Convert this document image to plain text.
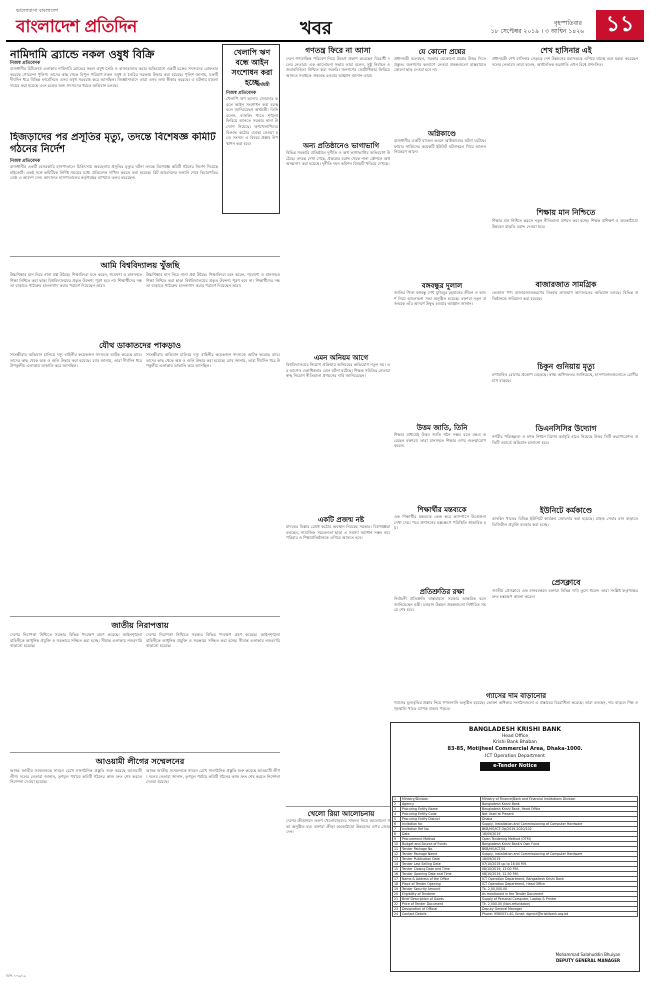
ভালোবাসা বাংলাদেশ
বাংলাদেশ প্রতিদিন	খবর	বৃহস্পতিবার
১৮ সেপ্টেম্বর ২০১৯ । ৩ আশ্বিন ১৪২৬ ১১
নামিদামি ব্র্যান্ডে নকল ওষুধ বিক্রি
নিজস্ব প্রতিবেদক
রাজধানীর মিটফোর্ড এলাকায় নামিদামি ব্র্যান্ডের নকল ওষুধ তৈরি ও বাজারজাত করার অভিযোগে একটি চক্রের সদস্যদের গ্রেফতার করেছে গোয়েন্দা পুলিশ। তাদের কাছ থেকে বিপুল পরিমাণ নকল ওষুধ ও তৈরির সরঞ্জাম উদ্ধার করা হয়েছে। পুলিশ জানায়, চক্রটি দীর্ঘদিন ধরে বিভিন্ন ফার্মেসিতে এসব ওষুধ সরবরাহ করে আসছিল। জিজ্ঞাসাবাদে তারা এসব তথ্য স্বীকার করেছে। এ ঘটনায় মামলা দায়ের করা হয়েছে এবং চক্রের অন্য সদস্যদের ধরতে অভিযান চলছে।
খেলাপি ঋণ বন্ধে আইন সংশোধন করা হচ্ছে
অর্থমন্ত্রী
নিজস্ব প্রতিবেদক
খেলাপি ঋণ আদায় জোরদার করতে আইন সংশোধন করা হচ্ছে বলে জানিয়েছেন অর্থমন্ত্রী। তিনি বলেন, ব্যাংকিং খাতে শৃঙ্খলা ফিরিয়ে আনতে সরকার নানা উদ্যোগ নিয়েছে। ঋণখেলাপিদের বিরুদ্ধে কঠোর ব্যবস্থা নেওয়া হবে। সংসদে এ বিষয়ে প্রস্তাব উপস্থাপন করা হবে।
হিজড়াদের পর প্রসূতির মৃত্যু, তদন্তে বিশেষজ্ঞ কমিটি গঠনের নির্দেশ
নিজস্ব প্রতিবেদক
রাজধানীর একটি বেসরকারি হাসপাতালে চিকিৎসায় অবহেলায় প্রসূতির মৃত্যুর ঘটনা তদন্তে বিশেষজ্ঞ কমিটি গঠনের নির্দেশ দিয়েছে হাইকোর্ট। একই সঙ্গে কমিটিকে নির্দিষ্ট সময়ের মধ্যে প্রতিবেদন দাখিল করতে বলা হয়েছে। রিট আবেদনের শুনানি শেষে বিচারপতির বেঞ্চ এ আদেশ দেন। আদালত হাসপাতালের কর্তৃপক্ষের ব্যাখ্যাও তলব করেছেন।
আমি বিশ্ববিদ্যালয় খুঁজছি
উচ্চশিক্ষার মান নিয়ে নানা প্রশ্ন উঠছে। শিক্ষাবিদরা মনে করেন, গবেষণা ও মানসম্মত শিক্ষা নিশ্চিত করা ছাড়া বিশ্ববিদ্যালয়ের প্রকৃত উদ্দেশ্য পূরণ হবে না। শিক্ষার্থীদের দক্ষতা বাড়াতে পাঠ্যক্রম হালনাগাদ করার পরামর্শ দিয়েছেন তারা।
উচ্চশিক্ষার মান নিয়ে নানা প্রশ্ন উঠছে। শিক্ষাবিদরা মনে করেন, গবেষণা ও মানসম্মত শিক্ষা নিশ্চিত করা ছাড়া বিশ্ববিদ্যালয়ের প্রকৃত উদ্দেশ্য পূরণ হবে না। শিক্ষার্থীদের দক্ষতা বাড়াতে পাঠ্যক্রম হালনাগাদ করার পরামর্শ দিয়েছেন তারা।
যৌথ ডাকাতদের পাকড়াও
সাতক্ষীরায় অভিযান চালিয়ে দস্যু বাহিনীর কয়েকজন সদস্যকে আটক করেছে র‍্যাব। তাদের কাছ থেকে অস্ত্র ও গুলি উদ্ধার করা হয়েছে। র‍্যাব জানায়, তারা দীর্ঘদিন ধরে উপকূলীয় এলাকায় ডাকাতি করে আসছিল।
সাতক্ষীরায় অভিযান চালিয়ে দস্যু বাহিনীর কয়েকজন সদস্যকে আটক করেছে র‍্যাব। তাদের কাছ থেকে অস্ত্র ও গুলি উদ্ধার করা হয়েছে। র‍্যাব জানায়, তারা দীর্ঘদিন ধরে উপকূলীয় এলাকায় ডাকাতি করে আসছিল।
জাতীয় নিরাপত্তায়
দেশের নিরাপত্তা নিশ্চিতে সরকার বিভিন্ন পদক্ষেপ গ্রহণ করেছে। আইনশৃঙ্খলা বাহিনীকে আধুনিক প্রযুক্তি ও সরঞ্জামে সজ্জিত করা হচ্ছে। সীমান্ত এলাকায় নজরদারি বাড়ানো হয়েছে।
দেশের নিরাপত্তা নিশ্চিতে সরকার বিভিন্ন পদক্ষেপ গ্রহণ করেছে। আইনশৃঙ্খলা বাহিনীকে আধুনিক প্রযুক্তি ও সরঞ্জামে সজ্জিত করা হচ্ছে। সীমান্ত এলাকায় নজরদারি বাড়ানো হয়েছে।
আওয়ামী লীগের সম্মেলনের
আসন্ন জাতীয় সম্মেলনকে সামনে রেখে সাংগঠনিক প্রস্তুতি শুরু করেছে আওয়ামী লীগ। দলের নেতারা জানান, তৃণমূল পর্যায়ে কমিটি গঠনের কাজ দ্রুত শেষ করতে নির্দেশনা দেওয়া হয়েছে।
আসন্ন জাতীয় সম্মেলনকে সামনে রেখে সাংগঠনিক প্রস্তুতি শুরু করেছে আওয়ামী লীগ। দলের নেতারা জানান, তৃণমূল পর্যায়ে কমিটি গঠনের কাজ দ্রুত শেষ করতে নির্দেশনা দেওয়া হয়েছে।
গণতন্ত্র ফিরে না আসা
দেশে গণতান্ত্রিক পরিবেশ নিয়ে উদ্বেগ প্রকাশ করেছেন বিরোধী দলের নেতারা। এক আলোচনা সভায় তারা বলেন, সুষ্ঠু নির্বাচন ও জবাবদিহিতা নিশ্চিত করা জরুরি। জনগণের ভোটাধিকার ফিরিয়ে আনতে সবাইকে ঐক্যবদ্ধ হওয়ার আহ্বান জানান তারা।
অন্য প্রতিষ্ঠানেও ভাগাভাগি
বিভিন্ন সরকারি প্রতিষ্ঠানে দুর্নীতি ও অর্থ ভাগাভাগির অভিযোগ উঠেছে। তদন্তে দেখা গেছে, প্রকল্পের বরাদ্দ থেকে নানা কৌশলে অর্থ আত্মসাৎ করা হয়েছে। দুর্নীতি দমন কমিশন বিষয়টি খতিয়ে দেখছে।
এমন অনিয়ম আগে
বিশ্ববিদ্যালয়ের নিয়োগ প্রক্রিয়ায় অনিয়মের অভিযোগ নতুন নয়। এর আগেও একাধিকবার এমন ঘটনা ঘটেছে। শিক্ষক সমিতির নেতারা স্বচ্ছ নিয়োগ নীতিমালা প্রণয়নের দাবি জানিয়েছেন।
একটি প্রজন্ম নষ্ট
মাদকের বিস্তার রোধে কঠোর অবস্থান নিয়েছে সরকার। বিশেষজ্ঞরা বলছেন, সামাজিক সচেতনতা ছাড়া এ সমস্যা সমাধান সম্ভব নয়। পরিবার ও শিক্ষাপ্রতিষ্ঠানকে এগিয়ে আসতে হবে।
খেলো রিয়া আলোচনায়
দেশের ক্রীড়াঙ্গনে তরুণ খেলোয়াড়দের সাফল্য নিয়ে আলোচনা সভা অনুষ্ঠিত হয়। বক্তারা ক্রীড়া অবকাঠামো উন্নয়নের ওপর জোর দেন।
যে কোনো প্রশ্নের
প্রধানমন্ত্রী বলেছেন, সরকার যেকোনো প্রশ্নের উত্তর দিতে প্রস্তুত। জনগণের কল্যাণে নেওয়া প্রকল্পগুলো বাস্তবায়নে কোনো ছাড় দেওয়া হবে না।
অগ্নিকাণ্ডে
রাজধানীর একটি বহুতল ভবনে অগ্নিকাণ্ডের ঘটনা ঘটেছে। ফায়ার সার্ভিসের কয়েকটি ইউনিট ঘটনাস্থলে গিয়ে আগুন নিয়ন্ত্রণে আনে।
বঙ্গবন্ধুর দুলাল
জাতির পিতা বঙ্গবন্ধু শেখ মুজিবুর রহমানের জীবন ও আদর্শ নিয়ে আলোচনা সভা অনুষ্ঠিত হয়েছে। বক্তারা নতুন প্রজন্মকে তাঁর আদর্শে উদ্বুদ্ধ হওয়ার আহ্বান জানান।
উত্তম জাতি, তিনি
শিক্ষার মাধ্যমেই উত্তম জাতি গঠন সম্ভব বলে মন্তব্য করেছেন বক্তারা। তারা মানসম্মত শিক্ষার ওপর গুরুত্বারোপ করেন।
শিক্ষার্থীর মন্তব্যকে
এক শিক্ষার্থীর মন্তব্যকে কেন্দ্র করে ক্যাম্পাসে উত্তেজনা দেখা দেয়। পরে প্রশাসনের হস্তক্ষেপে পরিস্থিতি স্বাভাবিক হয়।
প্রতিশ্রুতির রক্ষা
নির্বাচনী প্রতিশ্রুতি বাস্তবায়নে সরকার আন্তরিক বলে জানিয়েছেন মন্ত্রী। চলমান উন্নয়ন প্রকল্পগুলো নির্ধারিত সময়ে শেষ হবে।
শেখ হাসিনার এই
প্রধানমন্ত্রী শেখ হাসিনার নেতৃত্বে দেশ উন্নয়নের মহাসড়কে এগিয়ে যাচ্ছে বলে মন্তব্য করেছেন দলের নেতারা। তারা বলেন, অর্থনৈতিক অগ্রগতি এখন বিশ্বে প্রশংসিত।
শিক্ষায় মান নিশ্চিতে
শিক্ষার মান নিশ্চিত করতে নতুন নীতিমালা প্রণয়ন করা হচ্ছে। শিক্ষক প্রশিক্ষণ ও অবকাঠামো উন্নয়নে বাড়তি বরাদ্দ দেওয়া হবে।
বাজারজাত সামগ্রিক
ভেজাল পণ্য বাজারজাতকরণের বিরুদ্ধে ভ্রাম্যমাণ আদালতের অভিযান চলছে। বিভিন্ন প্রতিষ্ঠানকে জরিমানা করা হয়েছে।
চিকুন গুনিয়ায় মৃত্যু
মশাবাহিত রোগের প্রকোপ বেড়েছে। স্বাস্থ্য অধিদফতর জানিয়েছে, হাসপাতালগুলোতে রোগীর চাপ বাড়ছে।
ডিএনসিসির উদ্যোগ
নগরীর পরিচ্ছন্নতা ও মশক নিধনে বিশেষ কর্মসূচি হাতে নিয়েছে উত্তর সিটি করপোরেশন। প্রতিটি ওয়ার্ডে অভিযান চালানো হবে।
ইউনিটে কর্মকাণ্ডে
ব্যাংকিং খাতের বিভিন্ন ইউনিটে কার্যক্রম জোরদার করা হয়েছে। গ্রাহক সেবার মান বাড়াতে ডিজিটাল প্রযুক্তি ব্যবহার করা হচ্ছে।
প্রেসক্লাবে
জাতীয় প্রেসক্লাবে এক মানববন্ধনে বক্তারা বিভিন্ন দাবি তুলে ধরেন। তারা সংশ্লিষ্ট কর্তৃপক্ষের দ্রুত হস্তক্ষেপ কামনা করেন।
গ্যাসের দাম বাড়ানোর
গ্যাসের মূল্যবৃদ্ধির প্রস্তাব নিয়ে গণশুনানি অনুষ্ঠিত হয়েছে। ভোক্তা অধিকার সংগঠনগুলো এ প্রস্তাবের বিরোধিতা করেছে। তারা বলছেন, দাম বাড়লে শিল্প ও গৃহস্থালি খাতে ব্যাপক প্রভাব পড়বে।
BANGLADESH KRISHI BANK
Head Office
Krishi Bank Bhaban
83-85, Motijheel Commercial Area, Dhaka-1000.
ICT Operation Department
e-Tender Notice
1	Ministry/Division	Ministry of Finance/Bank and Financial Institutions Division
2	Agency	Bangladesh Krishi Bank
3	Procuring Entity Name	Bangladesh Krishi Bank, Head Office
4	Procuring Entity Code	Not Used at Present
5	Procuring Entity District	Dhaka
6	Invitation for	Supply, Installation and Commissioning of Computer Hardware
7	Invitation Ref No.	BKB/HO/ICT-Op/2019-2020/102
8	Date	18/09/2019
9	Procurement Method	Open Tendering Method (OTM)
10	Budget and Source of Funds	Bangladesh Krishi Bank's Own Fund
11	Tender Package No.	BKB/HO/ICT/01
12	Tender Package Name	Supply, Installation and Commissioning of Computer Hardware
13	Tender Publication Date	18/09/2019
14	Tender Last Selling Date	07/10/2019 up to 16:00 P.M.
15	Tender Closing Date and Time	08/10/2019, 12:00 P.M.
16	Tender Opening Date and Time	08/10/2019, 12:30 P.M.
17	Name & Address of the Office	ICT Operation Department, Bangladesh Krishi Bank
18	Place of Tender Opening	ICT Operation Department, Head Office
19	Tender Security Amount	Tk. 2,00,000.00
20	Eligibility of Tenderer	As mentioned in the Tender Document
21	Brief Description of Goods	Supply of Personal Computer, Laptop & Printer
22	Price of Tender Document	Tk. 2,000.00 (Non-refundable)
23	Designation of Official	Deputy General Manager
24	Contact Details	Phone: 9560031-40, Email: dgmict@krishibank.org.bd
Mohammad Salahuddin Bhuiyan
DEPUTY GENERAL MANAGER
বিপি-৭০৬/১৯
